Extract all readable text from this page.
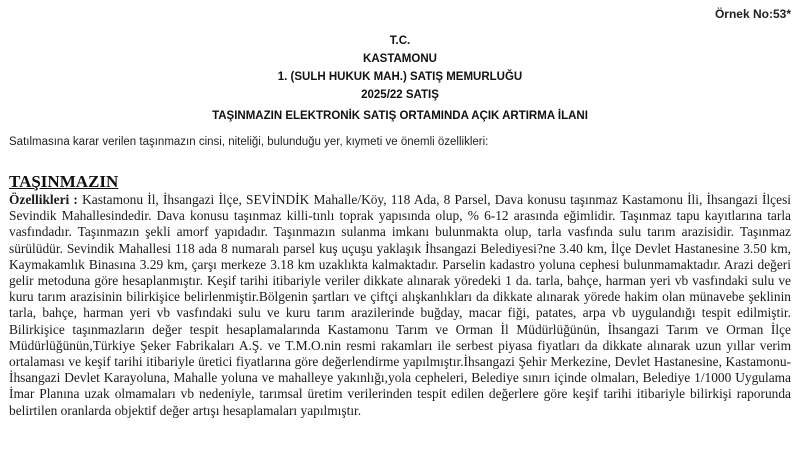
Örnek No:53*
T.C.
KASTAMONU
1. (SULH HUKUK MAH.) SATIŞ MEMURLUĞU
2025/22 SATIŞ
TAŞINMAZIN ELEKTRONİK SATIŞ ORTAMINDA AÇIK ARTIRMA İLANI
Satılmasına karar verilen taşınmazın cinsi, niteliği, bulunduğu yer, kıymeti ve önemli özellikleri:
TAŞINMAZIN
Özellikleri : Kastamonu İl, İhsangazi İlçe, SEVİNDİK Mahalle/Köy, 118 Ada, 8 Parsel, Dava konusu taşınmaz Kastamonu İli, İhsangazi İlçesi Sevindik Mahallesindedir. Dava konusu taşınmaz killi-tınlı toprak yapısında olup, % 6-12 arasında eğimlidir. Taşınmaz tapu kayıtlarına tarla vasfındadır. Taşınmazın şekli amorf yapıdadır. Taşınmazın sulanma imkanı bulunmakta olup, tarla vasfında sulu tarım arazisidir. Taşınmaz sürülüdür. Sevindik Mahallesi 118 ada 8 numaralı parsel kuş uçuşu yaklaşık İhsangazi Belediyesi?ne 3.40 km, İlçe Devlet Hastanesine 3.50 km, Kaymakamlık Binasına 3.29 km, çarşı merkeze 3.18 km uzaklıkta kalmaktadır. Parselin kadastro yoluna cephesi bulunmamaktadır. Arazi değeri gelir metoduna göre hesaplanmıştır. Keşif tarihi itibariyle veriler dikkate alınarak yöredeki 1 da. tarla, bahçe, harman yeri vb vasfındaki sulu ve kuru tarım arazisinin bilirkişice belirlenmiştir.Bölgenin şartları ve çiftçi alışkanlıkları da dikkate alınarak yörede hakim olan münavebe şeklinin tarla, bahçe, harman yeri vb vasfındaki sulu ve kuru tarım arazilerinde buğday, macar fiği, patates, arpa vb uygulandığı tespit edilmiştir. Bilirkişice taşınmazların değer tespit hesaplamalarında Kastamonu Tarım ve Orman İl Müdürlüğünün, İhsangazi Tarım ve Orman İlçe Müdürlüğünün,Türkiye Şeker Fabrikaları A.Ş. ve T.M.O.nin resmi rakamları ile serbest piyasa fiyatları da dikkate alınarak uzun yıllar verim ortalaması ve keşif tarihi itibariyle üretici fiyatlarına göre değerlendirme yapılmıştır.İhsangazi Şehir Merkezine, Devlet Hastanesine, Kastamonu-İhsangazi Devlet Karayoluna, Mahalle yoluna ve mahalleye yakınlığı,yola cepheleri, Belediye sınırı içinde olmaları, Belediye 1/1000 Uygulama İmar Planına uzak olmamaları vb nedeniyle, tarımsal üretim verilerinden tespit edilen değerlere göre keşif tarihi itibariyle bilirkişi raporunda belirtilen oranlarda objektif değer artışı hesaplamaları yapılmıştır.
